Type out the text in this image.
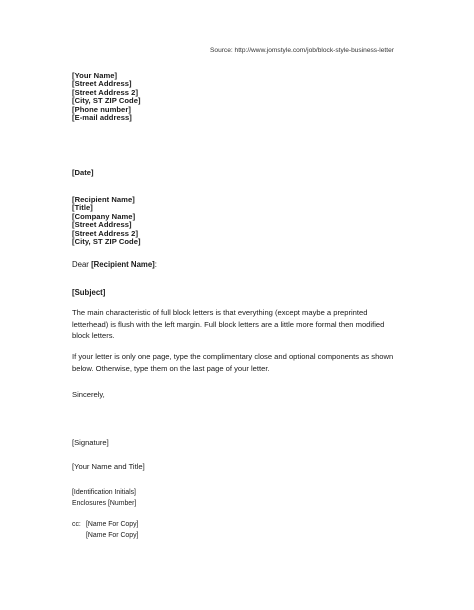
Source: http://www.jomstyle.com/job/block-style-business-letter
[Your Name]
[Street Address]
[Street Address 2]
[City, ST ZIP Code]
[Phone number]
[E-mail address]
[Date]
[Recipient Name]
[Title]
[Company Name]
[Street Address]
[Street Address 2]
[City, ST ZIP Code]
Dear [Recipient Name]:
[Subject]
The main characteristic of full block letters is that everything (except maybe a preprinted letterhead) is flush with the left margin. Full block letters are a little more formal then modified block letters.
If your letter is only one page, type the complimentary close and optional components as shown below. Otherwise, type them on the last page of your letter.
Sincerely,
[Signature]
[Your Name and Title]
[Identification Initials]
Enclosures [Number]
cc: [Name For Copy]
[Name For Copy]
